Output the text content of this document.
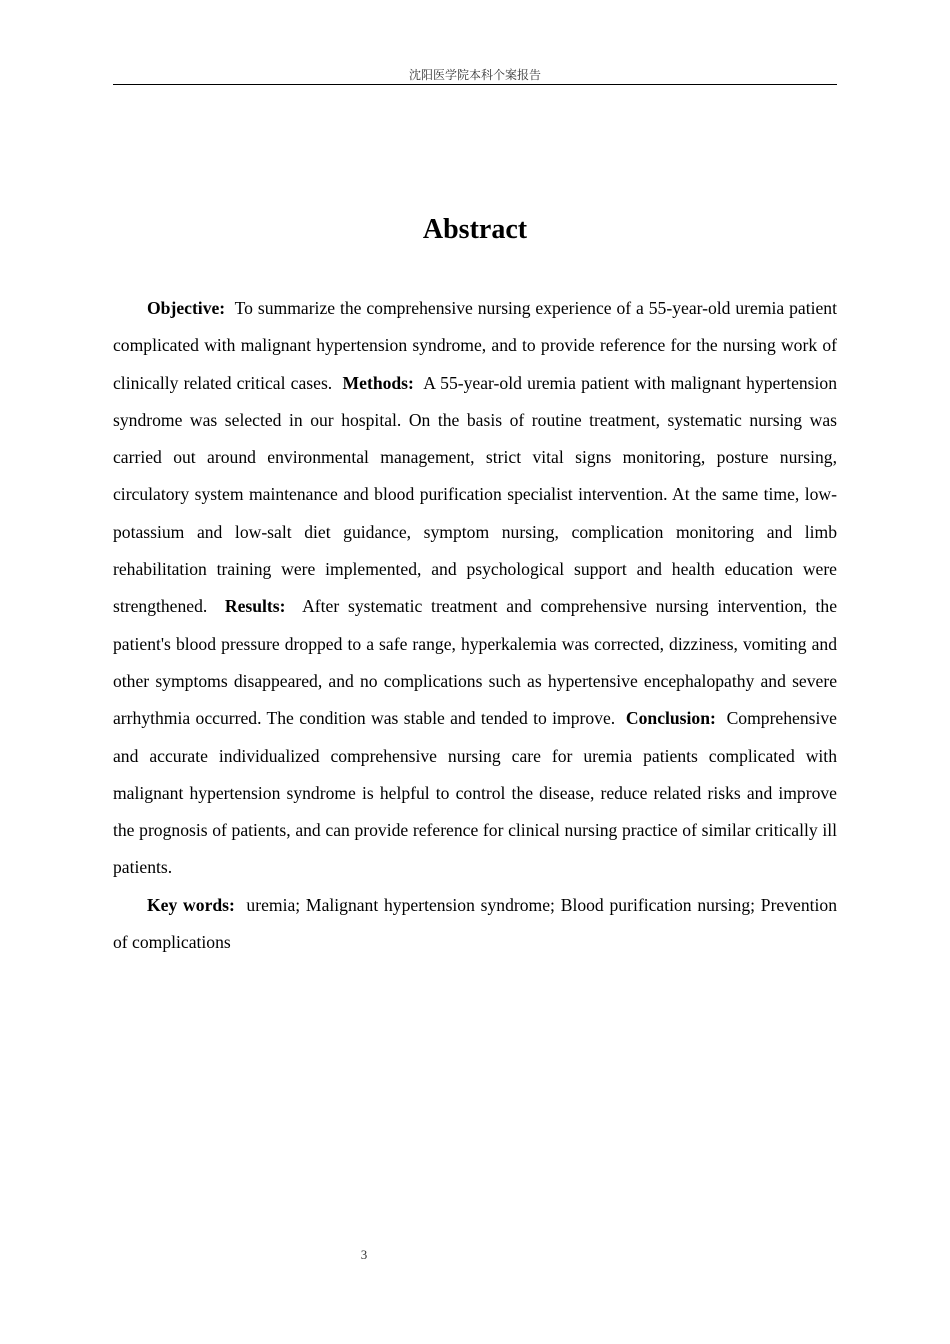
沈阳医学院本科个案报告
Abstract

Objective: To summarize the comprehensive nursing experience of a 55-year-old uremia patient complicated with malignant hypertension syndrome, and to provide reference for the nursing work of clinically related critical cases. Methods: A 55-year-old uremia patient with malignant hypertension syndrome was selected in our hospital. On the basis of routine treatment, systematic nursing was carried out around environmental management, strict vital signs monitoring, posture nursing, circulatory system maintenance and blood purification specialist intervention. At the same time, low-potassium and low-salt diet guidance, symptom nursing, complication monitoring and limb rehabilitation training were implemented, and psychological support and health education were strengthened. Results: After systematic treatment and comprehensive nursing intervention, the patient's blood pressure dropped to a safe range, hyperkalemia was corrected, dizziness, vomiting and other symptoms disappeared, and no complications such as hypertensive encephalopathy and severe arrhythmia occurred. The condition was stable and tended to improve. Conclusion: Comprehensive and accurate individualized comprehensive nursing care for uremia patients complicated with malignant hypertension syndrome is helpful to control the disease, reduce related risks and improve the prognosis of patients, and can provide reference for clinical nursing practice of similar critically ill patients.

Key words: uremia; Malignant hypertension syndrome; Blood purification nursing; Prevention of complications

3
